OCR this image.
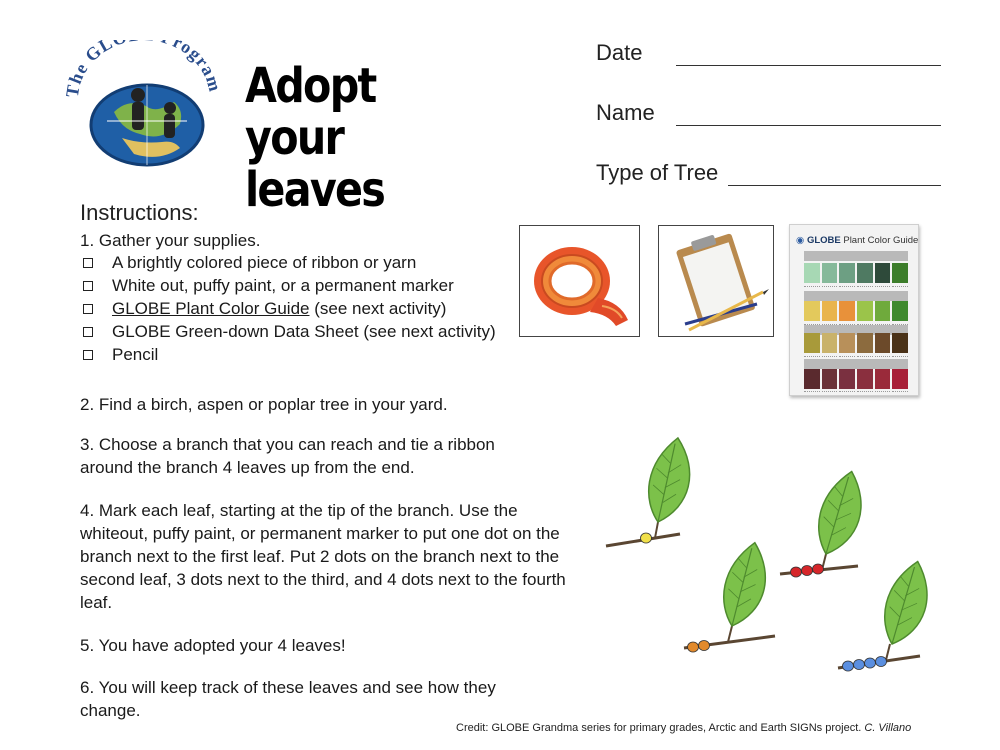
The GL rogram Adopt your
leaves
Date
Name
Type of Tree
Instructions:
1. Gather your supplies.
A brightly colored piece of ribbon or yarn
White out, puffy paint, or a permanent marker
GLOBE Plant Color Guide (see next activity)
GLOBE Green-down Data Sheet (see next activity)
Pencil
2. Find a birch, aspen or poplar tree in your yard.
3. Choose a branch that you can reach and tie a ribbon around the branch 4 leaves up from the end.
4. Mark each leaf, starting at the tip of the branch. Use the whiteout, puffy paint, or permanent marker to put one dot on the branch next to the first leaf. Put 2 dots on the branch next to the second leaf, 3 dots next to the third, and 4 dots next to the fourth leaf.
5. You have adopted your 4 leaves!
6. You will keep track of these leaves and see how they change.
◉ GLOBE Plant Color Guide
Credit: GLOBE Grandma series for primary grades, Arctic and Earth SIGNs project. C. Villano
